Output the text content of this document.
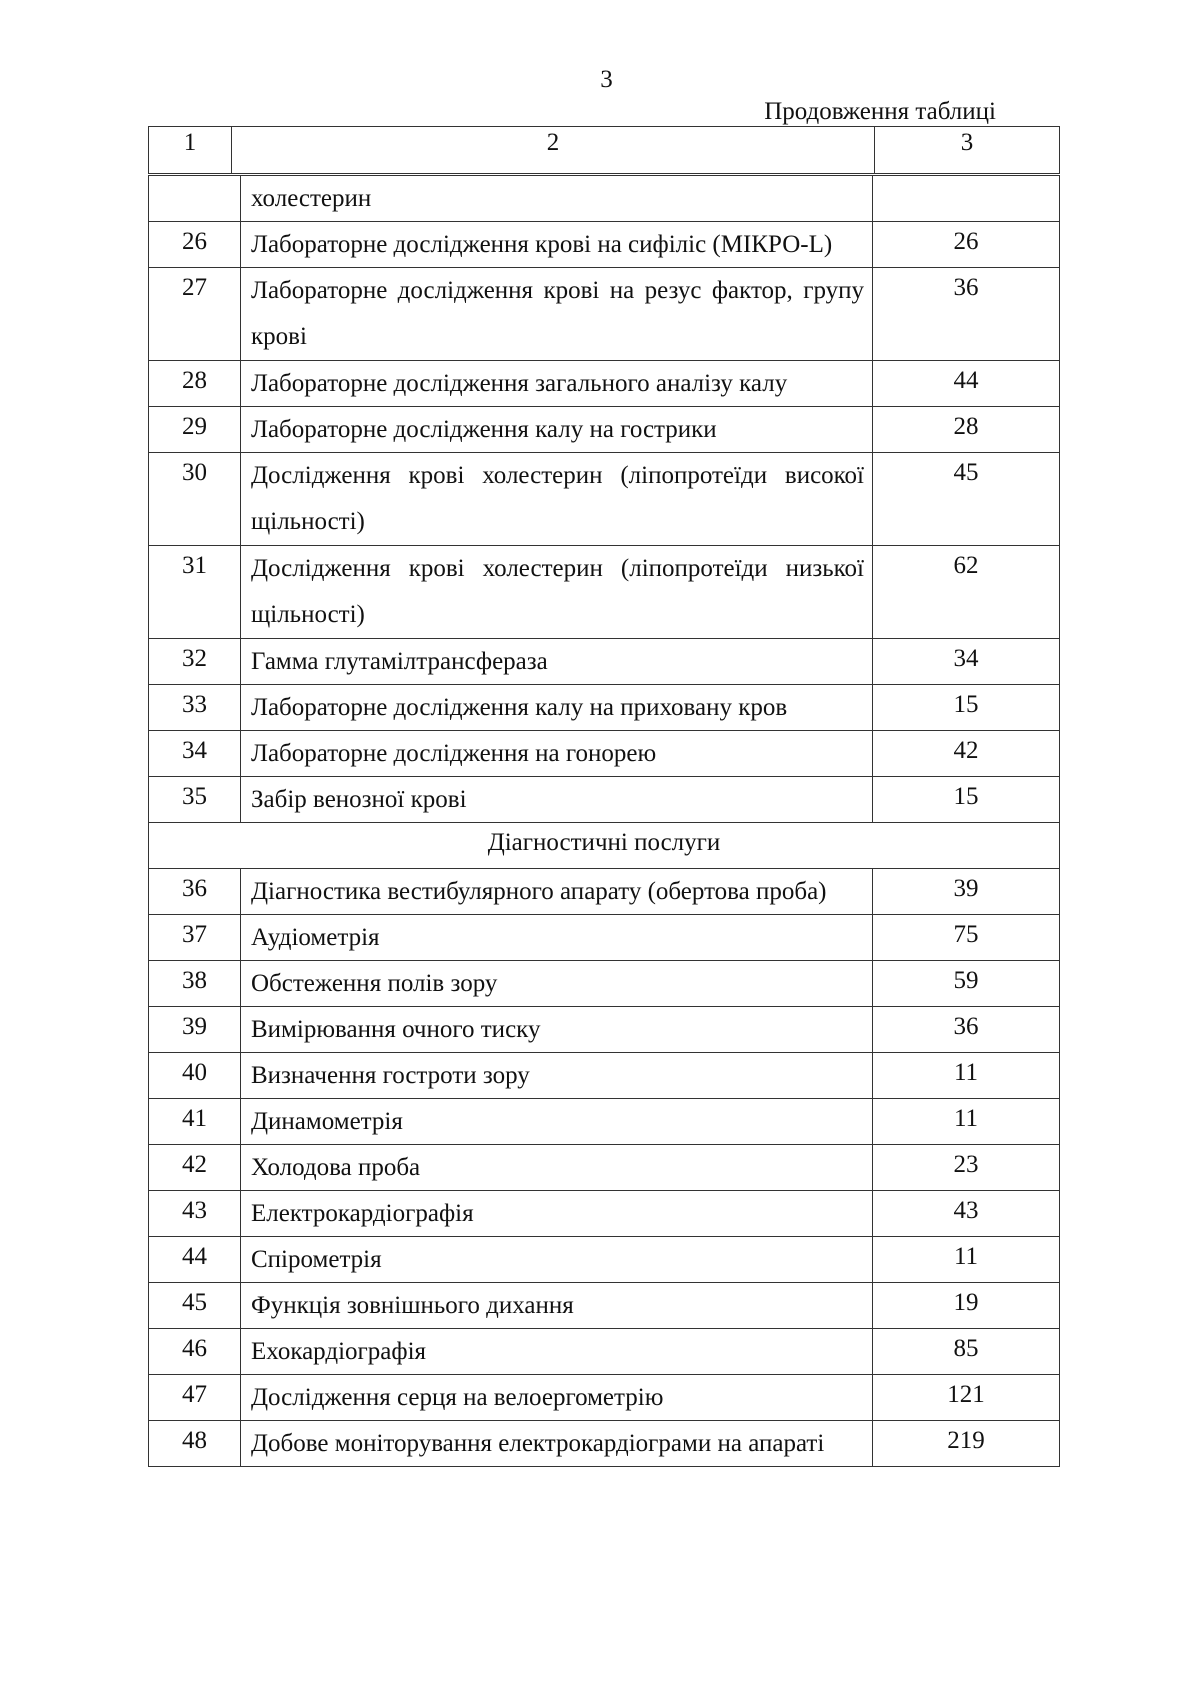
3
Продовження таблиці
1	2	3
	холестерин	
26	Лабораторне дослідження крові на сифіліс (МІКРО-L)	26
27	Лабораторне дослідження крові на резус фактор, групу крові	36
28	Лабораторне дослідження загального аналізу калу	44
29	Лабораторне дослідження калу на гострики	28
30	Дослідження крові холестерин (ліпопротеїди високої щільності)	45
31	Дослідження крові холестерин (ліпопротеїди низької щільності)	62
32	Гамма глутамілтрансфераза	34
33	Лабораторне дослідження калу на приховану кров	15
34	Лабораторне дослідження на гонорею	42
35	Забір венозної крові	15
Діагностичні послуги		
36	Діагностика вестибулярного апарату (обертова проба)	39
37	Аудіометрія	75
38	Обстеження полів зору	59
39	Вимірювання очного тиску	36
40	Визначення гостроти зору	11
41	Динамометрія	11
42	Холодова проба	23
43	Електрокардіографія	43
44	Спірометрія	11
45	Функція зовнішнього дихання	19
46	Ехокардіографія	85
47	Дослідження серця на велоергометрію	121
48	Добове моніторування електрокардіограми на апараті	219
